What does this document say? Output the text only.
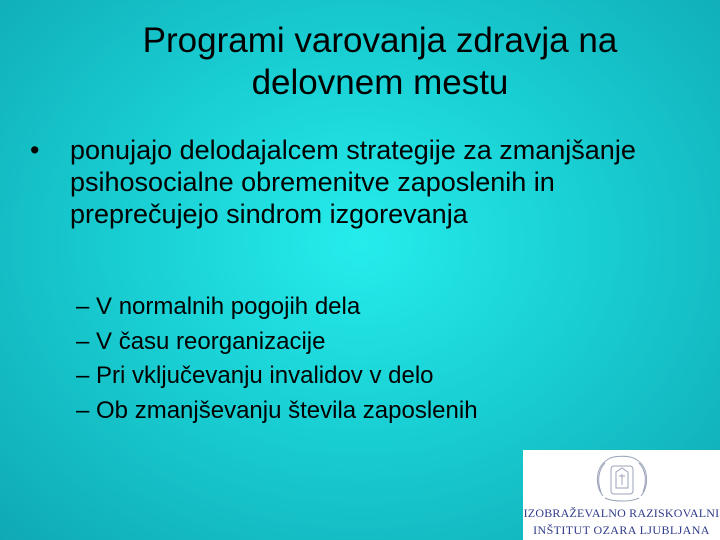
Programi varovanja zdravja na
delovnem mestu
•	ponujajo delodajalcem strategije za zmanjšanje psihosocialne obremenitve zaposlenih in preprečujejo sindrom izgorevanja
– V normalnih pogojih dela
– V času reorganizacije
– Pri vključevanju invalidov v delo
– Ob zmanjševanju števila zaposlenih
IZOBRAŽEVALNO RAZISKOVALNI
INŠTITUT OZARA LJUBLJANA
